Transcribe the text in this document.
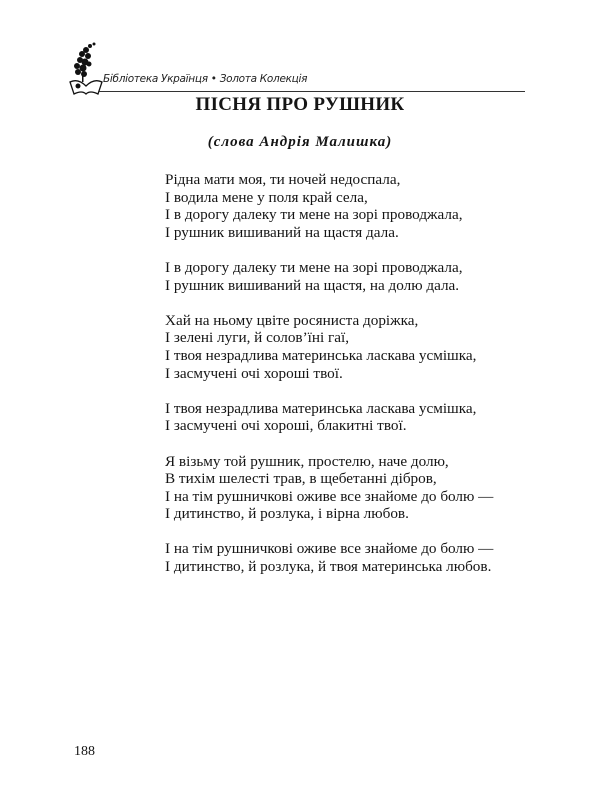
Бібліотека Українця • Золота Колекція
ПІСНЯ ПРО РУШНИК
(слова Андрія Малишка)
Рідна мати моя, ти ночей недоспала,
І водила мене у поля край села,
І в дорогу далеку ти мене на зорі проводжала,
І рушник вишиваний на щастя дала.
І в дорогу далеку ти мене на зорі проводжала,
І рушник вишиваний на щастя, на долю дала.
Хай на ньому цвіте росяниста доріжка,
І зелені луги, й солов’їні гаї,
І твоя незрадлива материнська ласкава усмішка,
І засмучені очі хороші твої.
І твоя незрадлива материнська ласкава усмішка,
І засмучені очі хороші, блакитні твої.
Я візьму той рушник, простелю, наче долю,
В тихім шелесті трав, в щебетанні дібров,
І на тім рушничкові оживе все знайоме до болю —
І дитинство, й розлука, і вірна любов.
І на тім рушничкові оживе все знайоме до болю —
І дитинство, й розлука, й твоя материнська любов.
188
